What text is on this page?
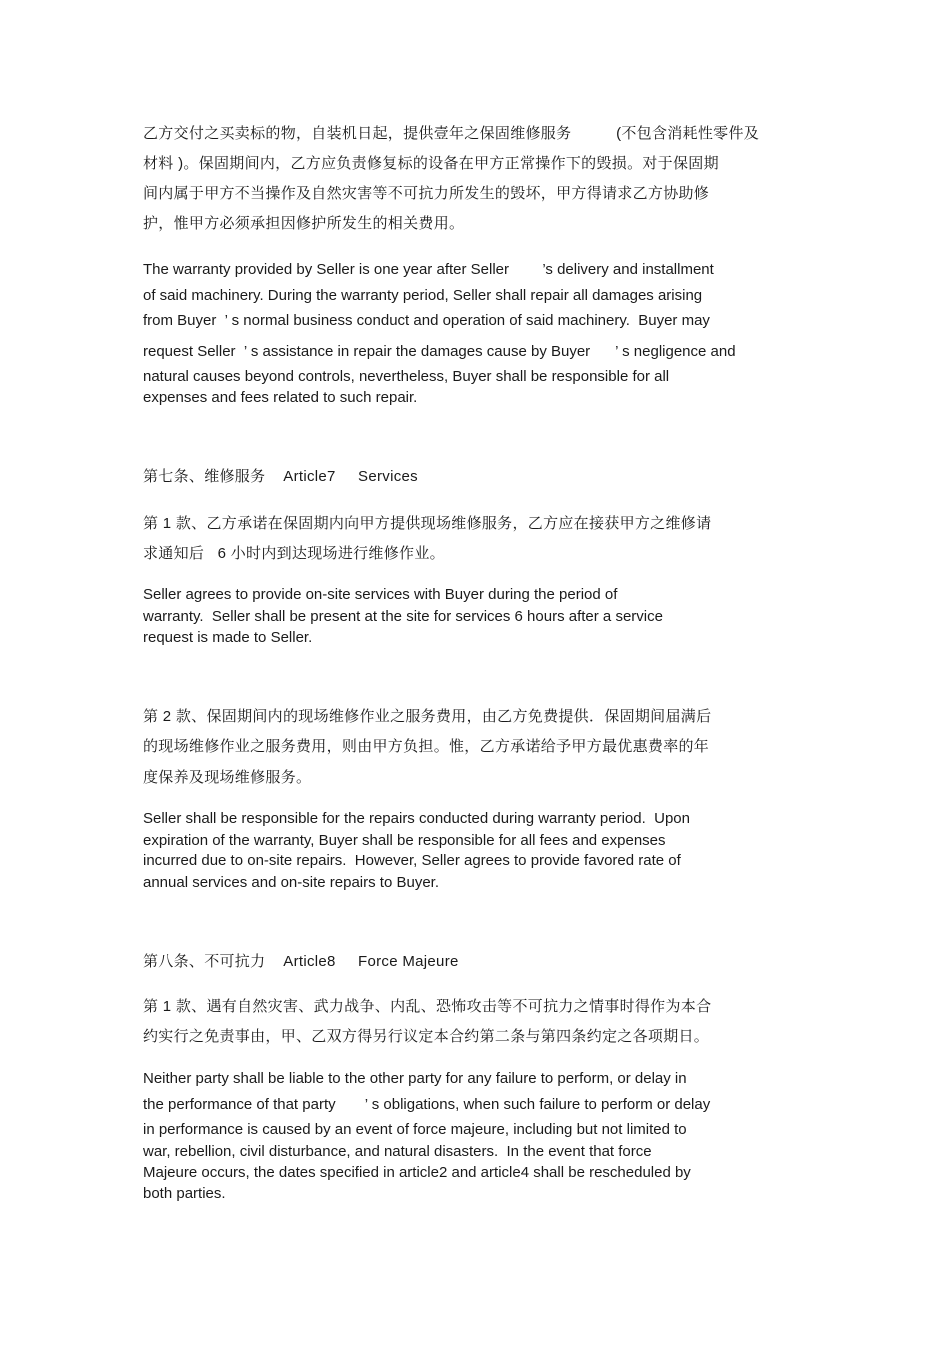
乙方交付之买卖标的物，自装机日起，提供壹年之保固维修服务          (不包含消耗性零件及
材料 )。保固期间内，乙方应负责修复标的设备在甲方正常操作下的毁损。对于保固期
间内属于甲方不当操作及自然灾害等不可抗力所发生的毁坏，甲方得请求乙方协助修
护，惟甲方必须承担因修护所发生的相关费用。
The warranty provided by Seller is one year after Seller        ’s delivery and installment
of said machinery. During the warranty period, Seller shall repair all damages arising
from Buyer  ’ s normal business conduct and operation of said machinery.  Buyer may
request Seller  ’ s assistance in repair the damages cause by Buyer      ’ s negligence and
natural causes beyond controls, nevertheless, Buyer shall be responsible for all
expenses and fees related to such repair.
第七条、维修服务    Article7     Services
第 1 款、乙方承诺在保固期内向甲方提供现场维修服务，乙方应在接获甲方之维修请
求通知后   6 小时内到达现场进行维修作业。
Seller agrees to provide on-site services with Buyer during the period of
warranty.  Seller shall be present at the site for services 6 hours after a service
request is made to Seller.
第 2 款、保固期间内的现场维修作业之服务费用，由乙方免费提供．保固期间届满后
的现场维修作业之服务费用，则由甲方负担。惟，乙方承诺给予甲方最优惠费率的年
度保养及现场维修服务。
Seller shall be responsible for the repairs conducted during warranty period.  Upon
expiration of the warranty, Buyer shall be responsible for all fees and expenses
incurred due to on-site repairs.  However, Seller agrees to provide favored rate of
annual services and on-site repairs to Buyer.
第八条、不可抗力    Article8     Force Majeure
第 1 款、遇有自然灾害、武力战争、内乱、恐怖攻击等不可抗力之情事时得作为本合
约实行之免责事由，甲、乙双方得另行议定本合约第二条与第四条约定之各项期日。
Neither party shall be liable to the other party for any failure to perform, or delay in
the performance of that party       ’ s obligations, when such failure to perform or delay
in performance is caused by an event of force majeure, including but not limited to
war, rebellion, civil disturbance, and natural disasters.  In the event that force
Majeure occurs, the dates specified in article2 and article4 shall be rescheduled by
both parties.
